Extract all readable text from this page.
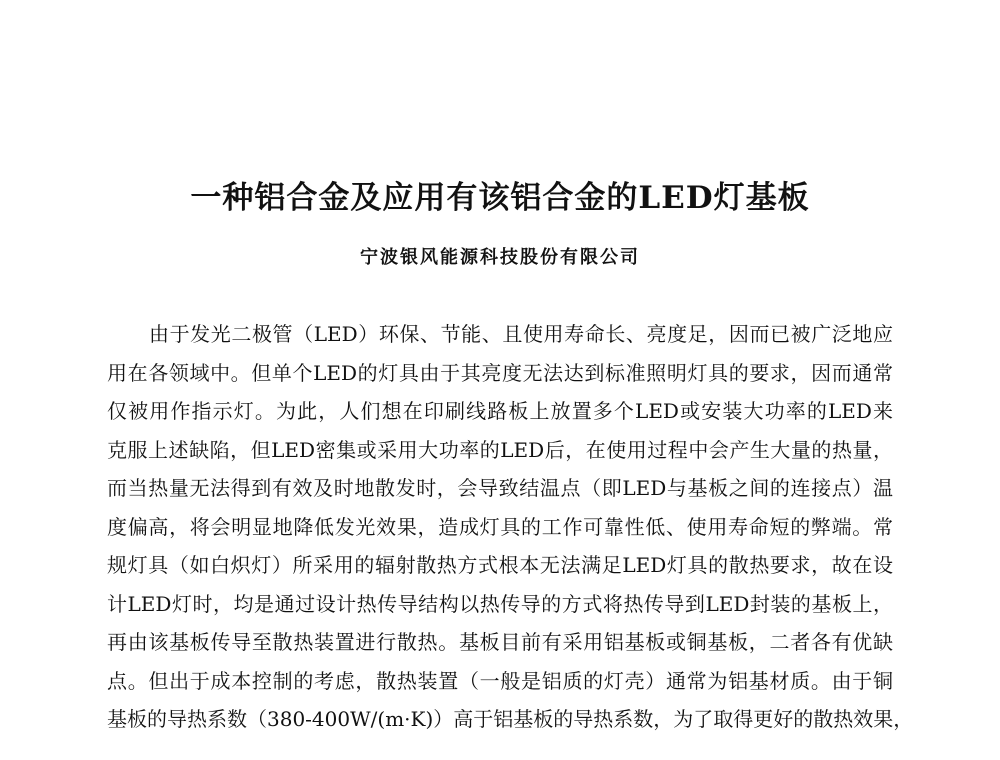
一种铝合金及应用有该铝合金的LED灯基板
宁波银风能源科技股份有限公司
由于发光二极管（LED）环保、节能、且使用寿命长、亮度足，因而已被广泛地应
用在各领域中。但单个LED的灯具由于其亮度无法达到标准照明灯具的要求，因而通常
仅被用作指示灯。为此，人们想在印刷线路板上放置多个LED或安装大功率的LED来
克服上述缺陷，但LED密集或采用大功率的LED后，在使用过程中会产生大量的热量，
而当热量无法得到有效及时地散发时，会导致结温点（即LED与基板之间的连接点）温
度偏高，将会明显地降低发光效果，造成灯具的工作可靠性低、使用寿命短的弊端。常
规灯具（如白炽灯）所采用的辐射散热方式根本无法满足LED灯具的散热要求，故在设
计LED灯时，均是通过设计热传导结构以热传导的方式将热传导到LED封装的基板上，
再由该基板传导至散热装置进行散热。基板目前有采用铝基板或铜基板，二者各有优缺
点。但出于成本控制的考虑，散热装置（一般是铝质的灯壳）通常为铝基材质。由于铜
基板的导热系数（380-400W/(m·K)）高于铝基板的导热系数，为了取得更好的散热效果，
